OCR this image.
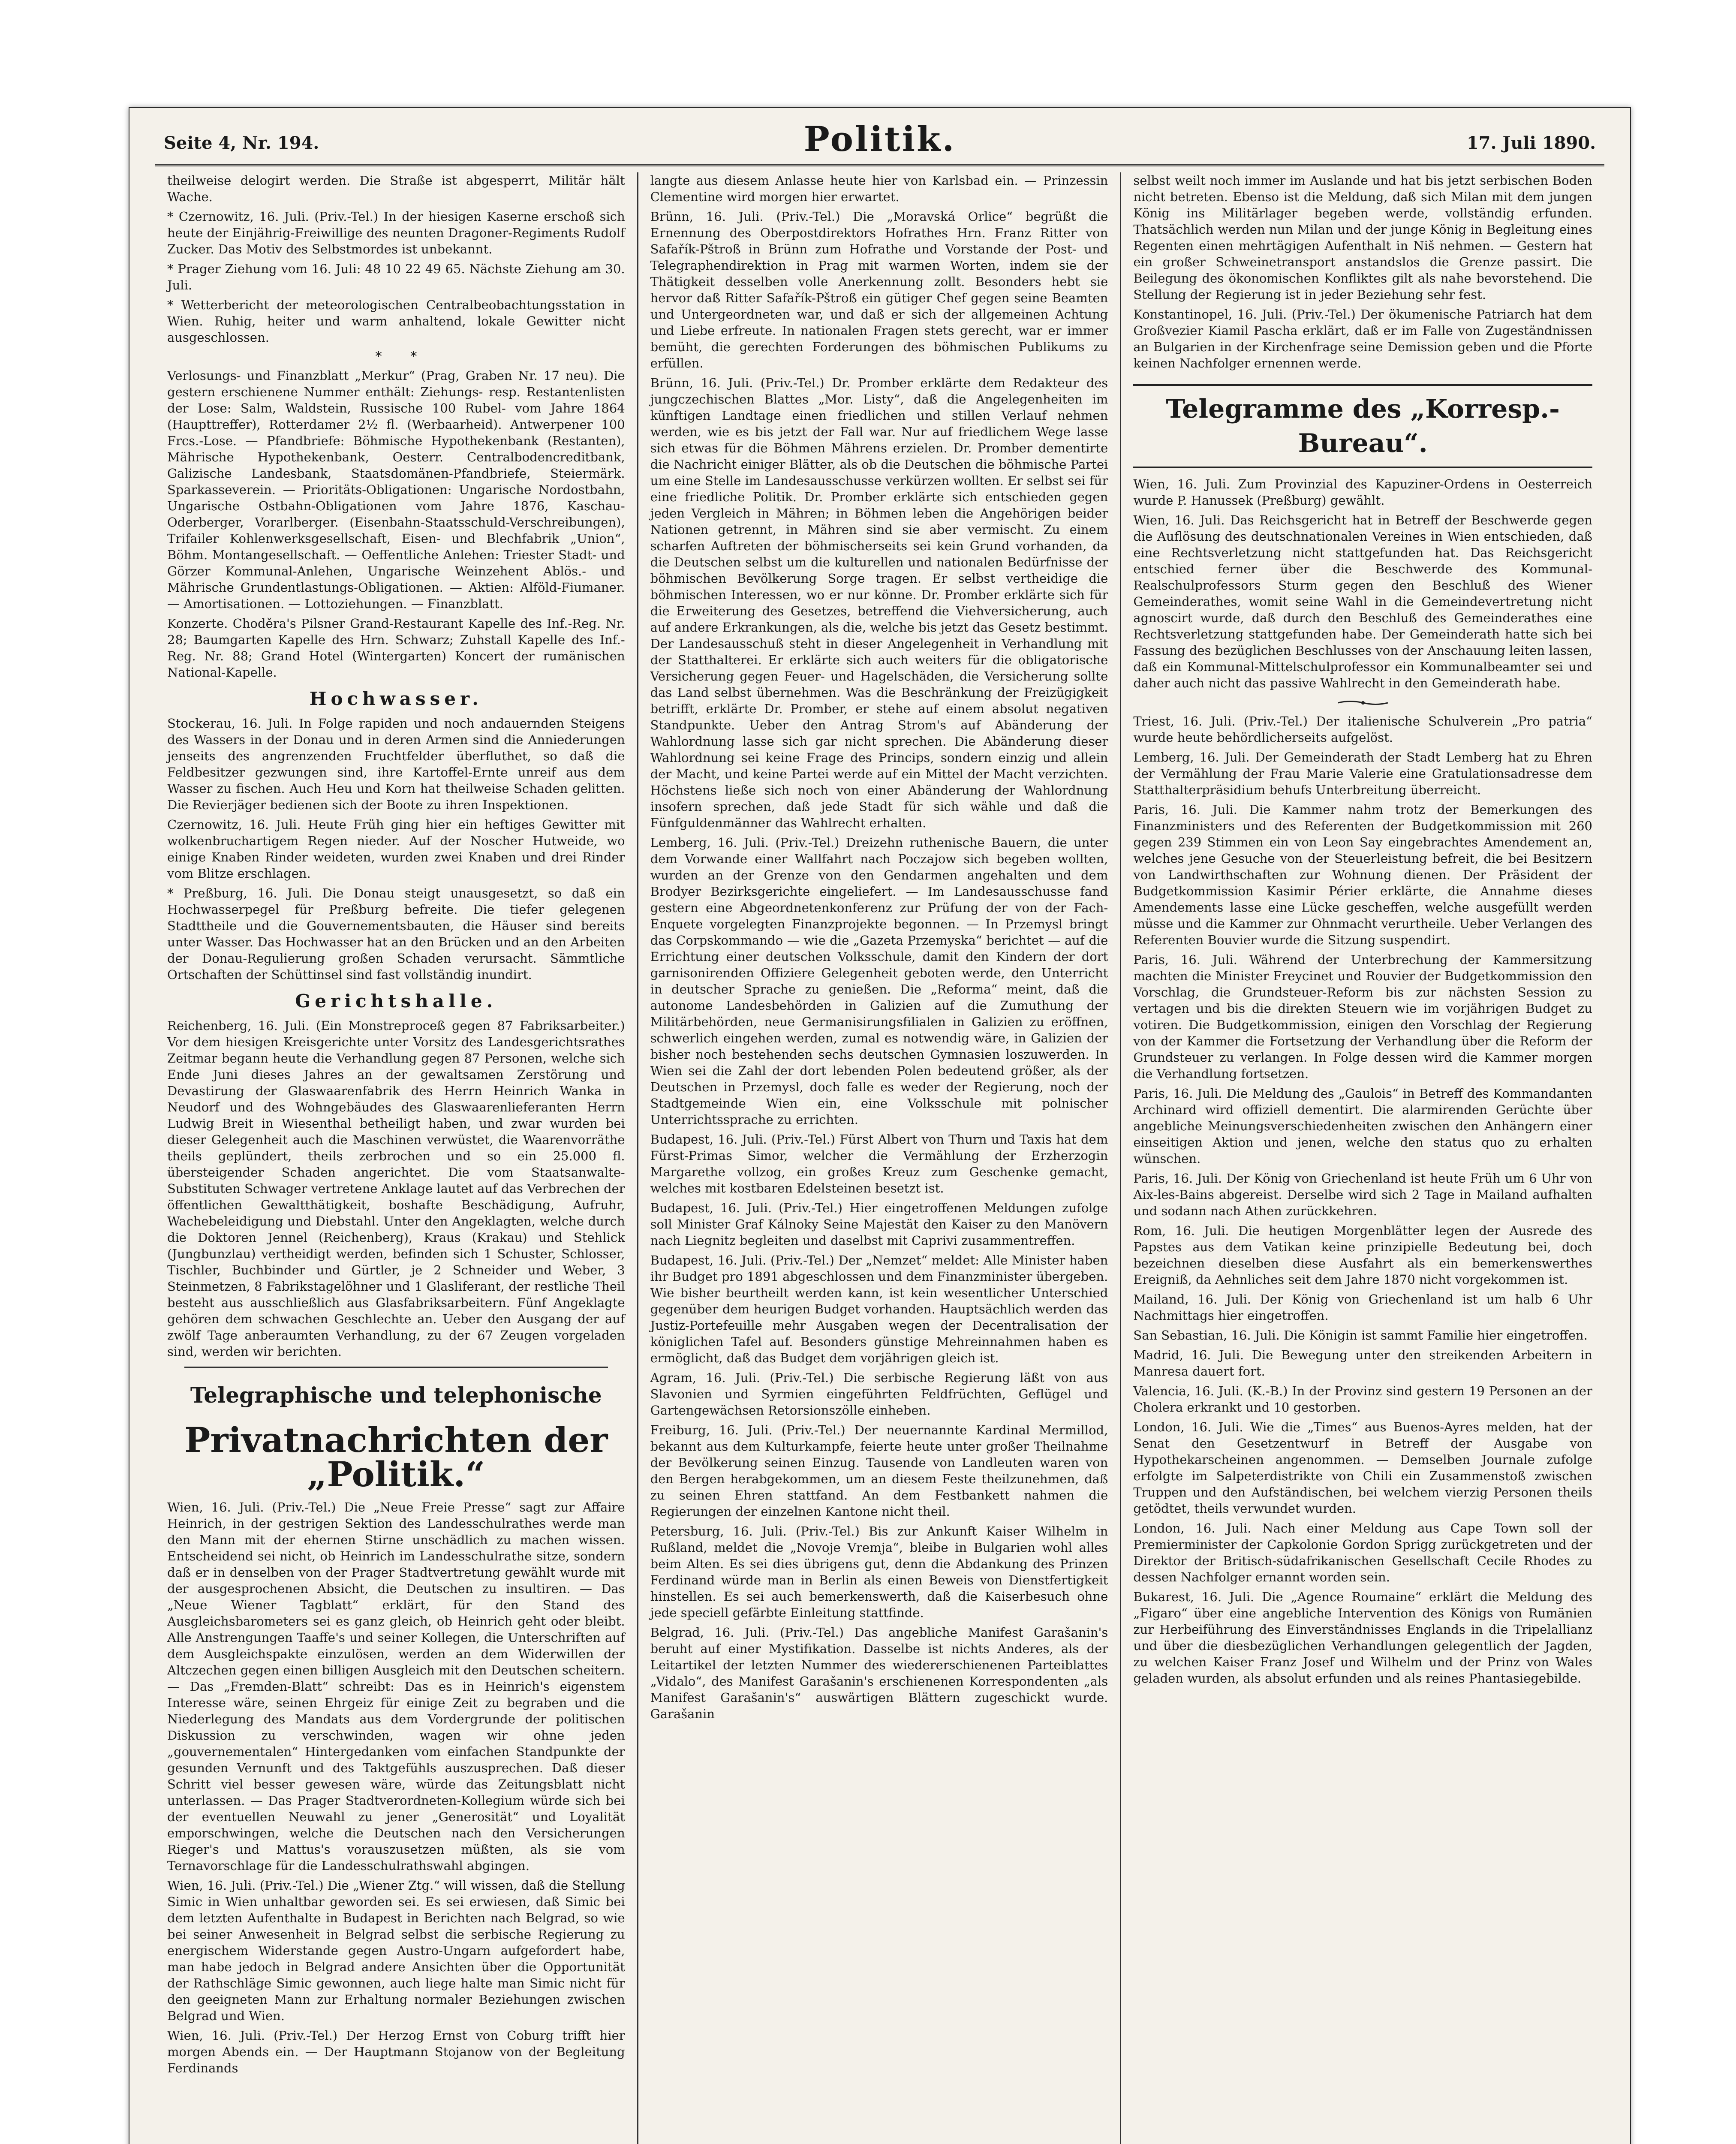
Seite 4, Nr. 194.	Politik.	17. Juli 1890.

theilweise delogirt werden. Die Straße ist abgesperrt, Militär hält Wache.

* Czernowitz, 16. Juli. (Priv.-Tel.) In der hiesigen Kaserne erschoß sich heute der Einjährig-Freiwillige des neunten Dragoner-Regiments Rudolf Zucker. Das Motiv des Selbstmordes ist unbekannt.

* Prager Ziehung vom 16. Juli: 48 10 22 49 65. Nächste Ziehung am 30. Juli.

* Wetterbericht der meteorologischen Centralbeobachtungsstation in Wien. Ruhig, heiter und warm anhaltend, lokale Gewitter nicht ausgeschlossen.

*       *

Verlosungs- und Finanzblatt „Merkur“ (Prag, Graben Nr. 17 neu). Die gestern erschienene Nummer enthält: Ziehungs- resp. Restantenlisten der Lose: Salm, Waldstein, Russische 100 Rubel- vom Jahre 1864 (Haupttreffer), Rotterdamer 2½ fl. (Werbaarheid). Antwerpener 100 Frcs.-Lose. — Pfandbriefe: Böhmische Hypothekenbank (Restanten), Mährische Hypothekenbank, Oesterr. Centralbodencreditbank, Galizische Landesbank, Staatsdomänen-Pfandbriefe, Steiermärk. Sparkasseverein. — Prioritäts-Obligationen: Ungarische Nordostbahn, Ungarische Ostbahn-Obligationen vom Jahre 1876, Kaschau-Oderberger, Vorarlberger. (Eisenbahn-Staatsschuld-Verschreibungen), Trifailer Kohlenwerksgesellschaft, Eisen- und Blechfabrik „Union“, Böhm. Montangesellschaft. — Oeffentliche Anlehen: Triester Stadt- und Görzer Kommunal-Anlehen, Ungarische Weinzehent Ablös.- und Mährische Grundentlastungs-Obligationen. — Aktien: Alföld-Fiumaner. — Amortisationen. — Lottoziehungen. — Finanzblatt.

Konzerte. Choděra's Pilsner Grand-Restaurant Kapelle des Inf.-Reg. Nr. 28; Baumgarten Kapelle des Hrn. Schwarz; Zuhstall Kapelle des Inf.-Reg. Nr. 88; Grand Hotel (Wintergarten) Koncert der rumänischen National-Kapelle.

Hochwasser.

Stockerau, 16. Juli. In Folge rapiden und noch andauernden Steigens des Wassers in der Donau und in deren Armen sind die Anniederungen jenseits des angrenzenden Fruchtfelder überfluthet, so daß die Feldbesitzer gezwungen sind, ihre Kartoffel-Ernte unreif aus dem Wasser zu fischen. Auch Heu und Korn hat theilweise Schaden gelitten. Die Revierjäger bedienen sich der Boote zu ihren Inspektionen.

Czernowitz, 16. Juli. Heute Früh ging hier ein heftiges Gewitter mit wolkenbruchartigem Regen nieder. Auf der Noscher Hutweide, wo einige Knaben Rinder weideten, wurden zwei Knaben und drei Rinder vom Blitze erschlagen.

* Preßburg, 16. Juli. Die Donau steigt unausgesetzt, so daß ein Hochwasserpegel für Preßburg befreite. Die tiefer gelegenen Stadttheile und die Gouvernementsbauten, die Häuser sind bereits unter Wasser. Das Hochwasser hat an den Brücken und an den Arbeiten der Donau-Regulierung großen Schaden verursacht. Sämmtliche Ortschaften der Schüttinsel sind fast vollständig inundirt.

Gerichtshalle.

Reichenberg, 16. Juli. (Ein Monstreproceß gegen 87 Fabriksarbeiter.) Vor dem hiesigen Kreisgerichte unter Vorsitz des Landesgerichtsrathes Zeitmar begann heute die Verhandlung gegen 87 Personen, welche sich Ende Juni dieses Jahres an der gewaltsamen Zerstörung und Devastirung der Glaswaarenfabrik des Herrn Heinrich Wanka in Neudorf und des Wohngebäudes des Glaswaarenlieferanten Herrn Ludwig Breit in Wiesenthal betheiligt haben, und zwar wurden bei dieser Gelegenheit auch die Maschinen verwüstet, die Waarenvorräthe theils geplündert, theils zerbrochen und so ein 25.000 fl. übersteigender Schaden angerichtet. Die vom Staatsanwalte-Substituten Schwager vertretene Anklage lautet auf das Verbrechen der öffentlichen Gewaltthätigkeit, boshafte Beschädigung, Aufruhr, Wachebeleidigung und Diebstahl. Unter den Angeklagten, welche durch die Doktoren Jennel (Reichenberg), Kraus (Krakau) und Stehlick (Jungbunzlau) vertheidigt werden, befinden sich 1 Schuster, Schlosser, Tischler, Buchbinder und Gürtler, je 2 Schneider und Weber, 3 Steinmetzen, 8 Fabrikstagelöhner und 1 Glasliferant, der restliche Theil besteht aus ausschließlich aus Glasfabriksarbeitern. Fünf Angeklagte gehören dem schwachen Geschlechte an. Ueber den Ausgang der auf zwölf Tage anberaumten Verhandlung, zu der 67 Zeugen vorgeladen sind, werden wir berichten.

Telegraphische und telephonische
Privatnachrichten der „Politik.“

Wien, 16. Juli. (Priv.-Tel.) Die „Neue Freie Presse“ sagt zur Affaire Heinrich, in der gestrigen Sektion des Landesschulrathes werde man den Mann mit der ehernen Stirne unschädlich zu machen wissen. Entscheidend sei nicht, ob Heinrich im Landesschulrathe sitze, sondern daß er in denselben von der Prager Stadtvertretung gewählt wurde mit der ausgesprochenen Absicht, die Deutschen zu insultiren. — Das „Neue Wiener Tagblatt“ erklärt, für den Stand des Ausgleichsbarometers sei es ganz gleich, ob Heinrich geht oder bleibt. Alle Anstrengungen Taaffe's und seiner Kollegen, die Unterschriften auf dem Ausgleichspakte einzulösen, werden an dem Widerwillen der Altczechen gegen einen billigen Ausgleich mit den Deutschen scheitern. — Das „Fremden-Blatt“ schreibt: Das es in Heinrich's eigenstem Interesse wäre, seinen Ehrgeiz für einige Zeit zu begraben und die Niederlegung des Mandats aus dem Vordergrunde der politischen Diskussion zu verschwinden, wagen wir ohne jeden „gouvernementalen“ Hintergedanken vom einfachen Standpunkte der gesunden Vernunft und des Taktgefühls auszusprechen. Daß dieser Schritt viel besser gewesen wäre, würde das Zeitungsblatt nicht unterlassen. — Das Prager Stadtverordneten-Kollegium würde sich bei der eventuellen Neuwahl zu jener „Generosität“ und Loyalität emporschwingen, welche die Deutschen nach den Versicherungen Rieger's und Mattus's vorauszusetzen müßten, als sie vom Ternavorschlage für die Landesschulrathswahl abgingen.

Wien, 16. Juli. (Priv.-Tel.) Die „Wiener Ztg.“ will wissen, daß die Stellung Simic in Wien unhaltbar geworden sei. Es sei erwiesen, daß Simic bei dem letzten Aufenthalte in Budapest in Berichten nach Belgrad, so wie bei seiner Anwesenheit in Belgrad selbst die serbische Regierung zu energischem Widerstande gegen Austro-Ungarn aufgefordert habe, man habe jedoch in Belgrad andere Ansichten über die Opportunität der Rathschläge Simic gewonnen, auch liege halte man Simic nicht für den geeigneten Mann zur Erhaltung normaler Beziehungen zwischen Belgrad und Wien.

Wien, 16. Juli. (Priv.-Tel.) Der Herzog Ernst von Coburg trifft hier morgen Abends ein. — Der Hauptmann Stojanow von der Begleitung Ferdinands

langte aus diesem Anlasse heute hier von Karlsbad ein. — Prinzessin Clementine wird morgen hier erwartet.

Brünn, 16. Juli. (Priv.-Tel.) Die „Moravská Orlice“ begrüßt die Ernennung des Oberpostdirektors Hofrathes Hrn. Franz Ritter von Safařík-Pštroß in Brünn zum Hofrathe und Vorstande der Post- und Telegraphendirektion in Prag mit warmen Worten, indem sie der Thätigkeit desselben volle Anerkennung zollt. Besonders hebt sie hervor daß Ritter Safařík-Pštroß ein gütiger Chef gegen seine Beamten und Untergeordneten war, und daß er sich der allgemeinen Achtung und Liebe erfreute. In nationalen Fragen stets gerecht, war er immer bemüht, die gerechten Forderungen des böhmischen Publikums zu erfüllen.

Brünn, 16. Juli. (Priv.-Tel.) Dr. Promber erklärte dem Redakteur des jungczechischen Blattes „Mor. Listy“, daß die Angelegenheiten im künftigen Landtage einen friedlichen und stillen Verlauf nehmen werden, wie es bis jetzt der Fall war. Nur auf friedlichem Wege lasse sich etwas für die Böhmen Mährens erzielen. Dr. Promber dementirte die Nachricht einiger Blätter, als ob die Deutschen die böhmische Partei um eine Stelle im Landesausschusse verkürzen wollten. Er selbst sei für eine friedliche Politik. Dr. Promber erklärte sich entschieden gegen jeden Vergleich in Mähren; in Böhmen leben die Angehörigen beider Nationen getrennt, in Mähren sind sie aber vermischt. Zu einem scharfen Auftreten der böhmischerseits sei kein Grund vorhanden, da die Deutschen selbst um die kulturellen und nationalen Bedürfnisse der böhmischen Bevölkerung Sorge tragen. Er selbst vertheidige die böhmischen Interessen, wo er nur könne. Dr. Promber erklärte sich für die Erweiterung des Gesetzes, betreffend die Viehversicherung, auch auf andere Erkrankungen, als die, welche bis jetzt das Gesetz bestimmt. Der Landesausschuß steht in dieser Angelegenheit in Verhandlung mit der Statthalterei. Er erklärte sich auch weiters für die obligatorische Versicherung gegen Feuer- und Hagelschäden, die Versicherung sollte das Land selbst übernehmen. Was die Beschränkung der Freizügigkeit betrifft, erklärte Dr. Promber, er stehe auf einem absolut negativen Standpunkte. Ueber den Antrag Strom's auf Abänderung der Wahlordnung lasse sich gar nicht sprechen. Die Abänderung dieser Wahlordnung sei keine Frage des Princips, sondern einzig und allein der Macht, und keine Partei werde auf ein Mittel der Macht verzichten. Höchstens ließe sich noch von einer Abänderung der Wahlordnung insofern sprechen, daß jede Stadt für sich wähle und daß die Fünfguldenmänner das Wahlrecht erhalten.

Lemberg, 16. Juli. (Priv.-Tel.) Dreizehn ruthenische Bauern, die unter dem Vorwande einer Wallfahrt nach Poczajow sich begeben wollten, wurden an der Grenze von den Gendarmen angehalten und dem Brodyer Bezirksgerichte eingeliefert. — Im Landesausschusse fand gestern eine Abgeordnetenkonferenz zur Prüfung der von der Fach-Enquete vorgelegten Finanzprojekte begonnen. — In Przemysl bringt das Corpskommando — wie die „Gazeta Przemyska“ berichtet — auf die Errichtung einer deutschen Volksschule, damit den Kindern der dort garnisonirenden Offiziere Gelegenheit geboten werde, den Unterricht in deutscher Sprache zu genießen. Die „Reforma“ meint, daß die autonome Landesbehörden in Galizien auf die Zumuthung der Militärbehörden, neue Germanisirungsfilialen in Galizien zu eröffnen, schwerlich eingehen werden, zumal es notwendig wäre, in Galizien der bisher noch bestehenden sechs deutschen Gymnasien loszuwerden. In Wien sei die Zahl der dort lebenden Polen bedeutend größer, als der Deutschen in Przemysl, doch falle es weder der Regierung, noch der Stadtgemeinde Wien ein, eine Volksschule mit polnischer Unterrichtssprache zu errichten.

Budapest, 16. Juli. (Priv.-Tel.) Fürst Albert von Thurn und Taxis hat dem Fürst-Primas Simor, welcher die Vermählung der Erzherzogin Margarethe vollzog, ein großes Kreuz zum Geschenke gemacht, welches mit kostbaren Edelsteinen besetzt ist.

Budapest, 16. Juli. (Priv.-Tel.) Hier eingetroffenen Meldungen zufolge soll Minister Graf Kálnoky Seine Majestät den Kaiser zu den Manövern nach Liegnitz begleiten und daselbst mit Caprivi zusammentreffen.

Budapest, 16. Juli. (Priv.-Tel.) Der „Nemzet“ meldet: Alle Minister haben ihr Budget pro 1891 abgeschlossen und dem Finanzminister übergeben. Wie bisher beurtheilt werden kann, ist kein wesentlicher Unterschied gegenüber dem heurigen Budget vorhanden. Hauptsächlich werden das Justiz-Portefeuille mehr Ausgaben wegen der Decentralisation der königlichen Tafel auf. Besonders günstige Mehreinnahmen haben es ermöglicht, daß das Budget dem vorjährigen gleich ist.

Agram, 16. Juli. (Priv.-Tel.) Die serbische Regierung läßt von aus Slavonien und Syrmien eingeführten Feldfrüchten, Geflügel und Gartengewächsen Retorsionszölle einheben.

Freiburg, 16. Juli. (Priv.-Tel.) Der neuernannte Kardinal Mermillod, bekannt aus dem Kulturkampfe, feierte heute unter großer Theilnahme der Bevölkerung seinen Einzug. Tausende von Landleuten waren von den Bergen herabgekommen, um an diesem Feste theilzunehmen, daß zu seinen Ehren stattfand. An dem Festbankett nahmen die Regierungen der einzelnen Kantone nicht theil.

Petersburg, 16. Juli. (Priv.-Tel.) Bis zur Ankunft Kaiser Wilhelm in Rußland, meldet die „Novoje Vremja“, bleibe in Bulgarien wohl alles beim Alten. Es sei dies übrigens gut, denn die Abdankung des Prinzen Ferdinand würde man in Berlin als einen Beweis von Dienstfertigkeit hinstellen. Es sei auch bemerkenswerth, daß die Kaiserbesuch ohne jede speciell gefärbte Einleitung stattfinde.

Belgrad, 16. Juli. (Priv.-Tel.) Das angebliche Manifest Garašanin's beruht auf einer Mystifikation. Dasselbe ist nichts Anderes, als der Leitartikel der letzten Nummer des wiedererschienenen Parteiblattes „Vidalo“, des Manifest Garašanin's erschienenen Korrespondenten „als Manifest Garašanin's“ auswärtigen Blättern zugeschickt wurde. Garašanin

selbst weilt noch immer im Auslande und hat bis jetzt serbischen Boden nicht betreten. Ebenso ist die Meldung, daß sich Milan mit dem jungen König ins Militärlager begeben werde, vollständig erfunden. Thatsächlich werden nun Milan und der junge König in Begleitung eines Regenten einen mehrtägigen Aufenthalt in Niš nehmen. — Gestern hat ein großer Schweinetransport anstandslos die Grenze passirt. Die Beilegung des ökonomischen Konfliktes gilt als nahe bevorstehend. Die Stellung der Regierung ist in jeder Beziehung sehr fest.

Konstantinopel, 16. Juli. (Priv.-Tel.) Der ökumenische Patriarch hat dem Großvezier Kiamil Pascha erklärt, daß er im Falle von Zugeständnissen an Bulgarien in der Kirchenfrage seine Demission geben und die Pforte keinen Nachfolger ernennen werde.

Telegramme des „Korresp.-Bureau“.

Wien, 16. Juli. Zum Provinzial des Kapuziner-Ordens in Oesterreich wurde P. Hanussek (Preßburg) gewählt.

Wien, 16. Juli. Das Reichsgericht hat in Betreff der Beschwerde gegen die Auflösung des deutschnationalen Vereines in Wien entschieden, daß eine Rechtsverletzung nicht stattgefunden hat. Das Reichsgericht entschied ferner über die Beschwerde des Kommunal-Realschulprofessors Sturm gegen den Beschluß des Wiener Gemeinderathes, womit seine Wahl in die Gemeindevertretung nicht agnoscirt wurde, daß durch den Beschluß des Gemeinderathes eine Rechtsverletzung stattgefunden habe. Der Gemeinderath hatte sich bei Fassung des bezüglichen Beschlusses von der Anschauung leiten lassen, daß ein Kommunal-Mittelschulprofessor ein Kommunalbeamter sei und daher auch nicht das passive Wahlrecht in den Gemeinderath habe.

Triest, 16. Juli. (Priv.-Tel.) Der italienische Schulverein „Pro patria“ wurde heute behördlicherseits aufgelöst.

Lemberg, 16. Juli. Der Gemeinderath der Stadt Lemberg hat zu Ehren der Vermählung der Frau Marie Valerie eine Gratulationsadresse dem Statthalterpräsidium behufs Unterbreitung überreicht.

Paris, 16. Juli. Die Kammer nahm trotz der Bemerkungen des Finanzministers und des Referenten der Budgetkommission mit 260 gegen 239 Stimmen ein von Leon Say eingebrachtes Amendement an, welches jene Gesuche von der Steuerleistung befreit, die bei Besitzern von Landwirthschaften zur Wohnung dienen. Der Präsident der Budgetkommission Kasimir Périer erklärte, die Annahme dieses Amendements lasse eine Lücke gescheffen, welche ausgefüllt werden müsse und die Kammer zur Ohnmacht verurtheile. Ueber Verlangen des Referenten Bouvier wurde die Sitzung suspendirt.

Paris, 16. Juli. Während der Unterbrechung der Kammersitzung machten die Minister Freycinet und Rouvier der Budgetkommission den Vorschlag, die Grundsteuer-Reform bis zur nächsten Session zu vertagen und bis die direkten Steuern wie im vorjährigen Budget zu votiren. Die Budgetkommission, einigen den Vorschlag der Regierung von der Kammer die Fortsetzung der Verhandlung über die Reform der Grundsteuer zu verlangen. In Folge dessen wird die Kammer morgen die Verhandlung fortsetzen.

Paris, 16. Juli. Die Meldung des „Gaulois“ in Betreff des Kommandanten Archinard wird offiziell dementirt. Die alarmirenden Gerüchte über angebliche Meinungsverschiedenheiten zwischen den Anhängern einer einseitigen Aktion und jenen, welche den status quo zu erhalten wünschen.

Paris, 16. Juli. Der König von Griechenland ist heute Früh um 6 Uhr von Aix-les-Bains abgereist. Derselbe wird sich 2 Tage in Mailand aufhalten und sodann nach Athen zurückkehren.

Rom, 16. Juli. Die heutigen Morgenblätter legen der Ausrede des Papstes aus dem Vatikan keine prinzipielle Bedeutung bei, doch bezeichnen dieselben diese Ausfahrt als ein bemerkenswerthes Ereigniß, da Aehnliches seit dem Jahre 1870 nicht vorgekommen ist.

Mailand, 16. Juli. Der König von Griechenland ist um halb 6 Uhr Nachmittags hier eingetroffen.

San Sebastian, 16. Juli. Die Königin ist sammt Familie hier eingetroffen.

Madrid, 16. Juli. Die Bewegung unter den streikenden Arbeitern in Manresa dauert fort.

Valencia, 16. Juli. (K.-B.) In der Provinz sind gestern 19 Personen an der Cholera erkrankt und 10 gestorben.

London, 16. Juli. Wie die „Times“ aus Buenos-Ayres melden, hat der Senat den Gesetzentwurf in Betreff der Ausgabe von Hypothekarscheinen angenommen. — Demselben Journale zufolge erfolgte im Salpeterdistrikte von Chili ein Zusammenstoß zwischen Truppen und den Aufständischen, bei welchem vierzig Personen theils getödtet, theils verwundet wurden.

London, 16. Juli. Nach einer Meldung aus Cape Town soll der Premierminister der Capkolonie Gordon Sprigg zurückgetreten und der Direktor der Britisch-südafrikanischen Gesellschaft Cecile Rhodes zu dessen Nachfolger ernannt worden sein.

Bukarest, 16. Juli. Die „Agence Roumaine“ erklärt die Meldung des „Figaro“ über eine angebliche Intervention des Königs von Rumänien zur Herbeiführung des Einverständnisses Englands in die Tripelallianz und über die diesbezüglichen Verhandlungen gelegentlich der Jagden, zu welchen Kaiser Franz Josef und Wilhelm und der Prinz von Wales geladen wurden, als absolut erfunden und als reines Phantasiegebilde.
